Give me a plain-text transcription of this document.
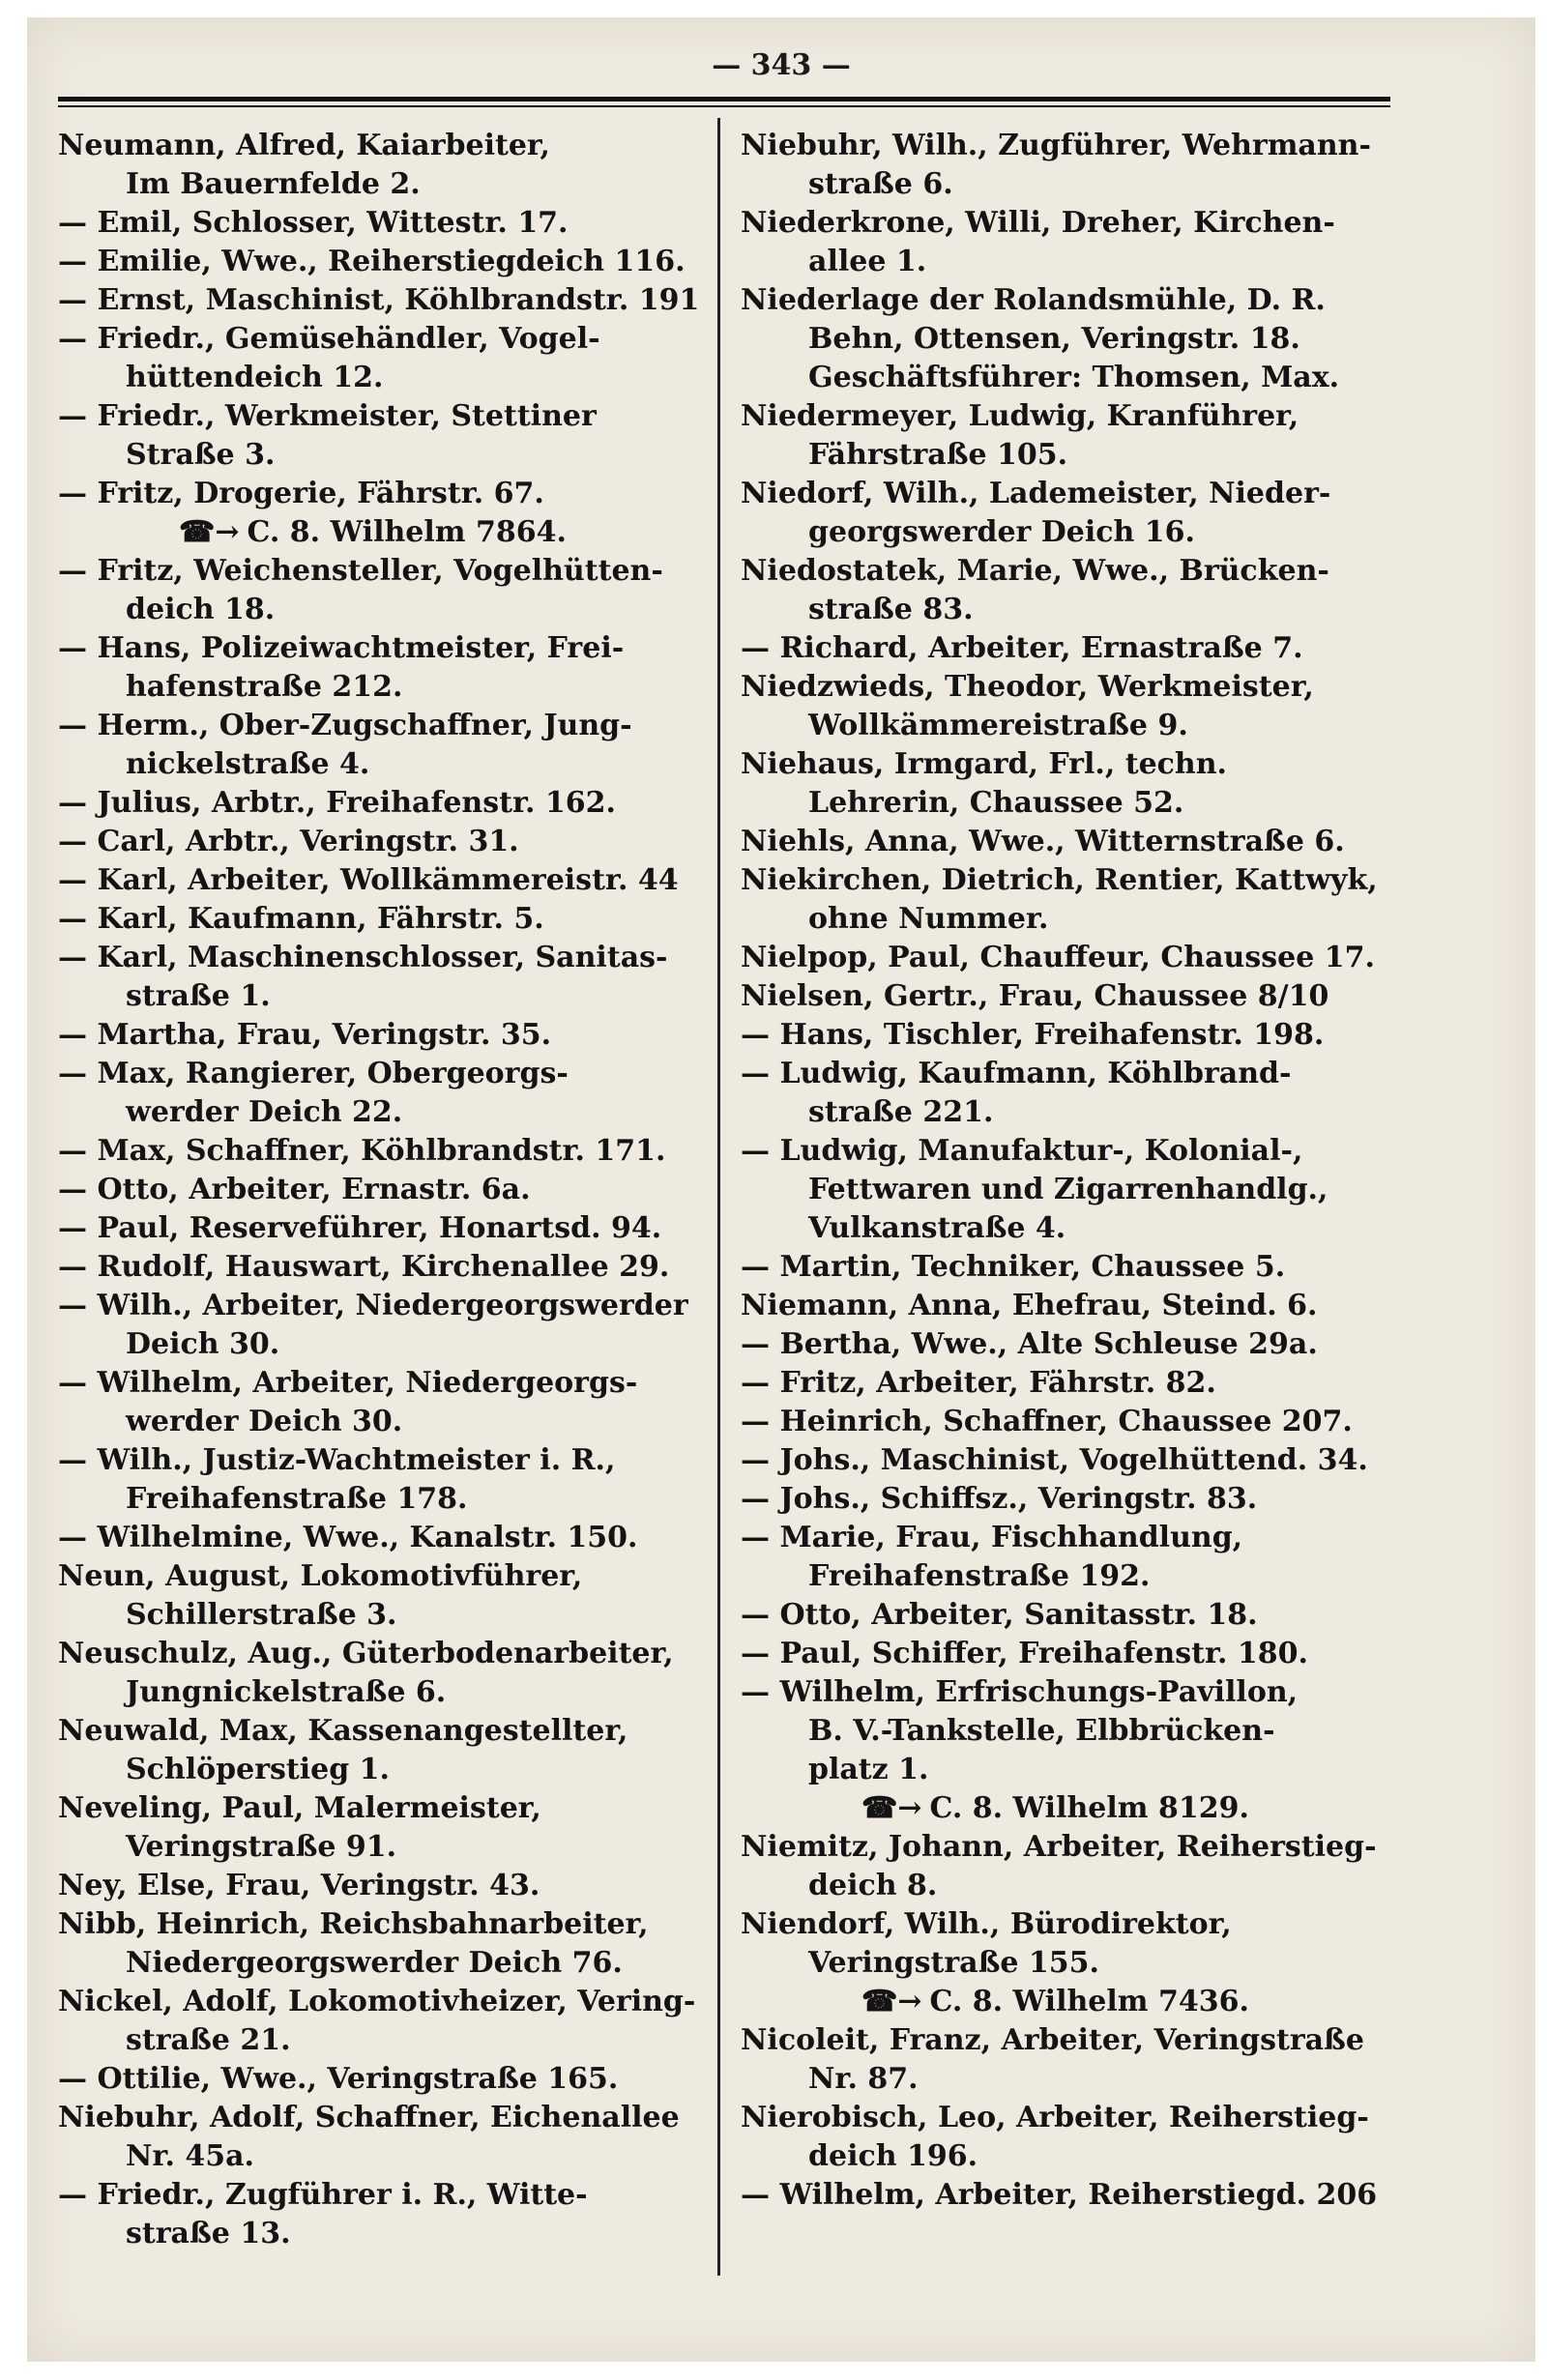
— 343 —
Neumann, Alfred, Kaiarbeiter,
Im Bauernfelde 2.
— Emil, Schlosser, Wittestr. 17.
— Emilie, Wwe., Reiherstiegdeich 116.
— Ernst, Maschinist, Köhlbrandstr. 191
— Friedr., Gemüsehändler, Vogel-
hüttendeich 12.
— Friedr., Werkmeister, Stettiner
Straße 3.
— Fritz, Drogerie, Fährstr. 67.
☎→ C. 8. Wilhelm 7864.
— Fritz, Weichensteller, Vogelhütten-
deich 18.
— Hans, Polizeiwachtmeister, Frei-
hafenstraße 212.
— Herm., Ober-Zugschaffner, Jung-
nickelstraße 4.
— Julius, Arbtr., Freihafenstr. 162.
— Carl, Arbtr., Veringstr. 31.
— Karl, Arbeiter, Wollkämmereistr. 44
— Karl, Kaufmann, Fährstr. 5.
— Karl, Maschinenschlosser, Sanitas-
straße 1.
— Martha, Frau, Veringstr. 35.
— Max, Rangierer, Obergeorgs-
werder Deich 22.
— Max, Schaffner, Köhlbrandstr. 171.
— Otto, Arbeiter, Ernastr. 6a.
— Paul, Reserveführer, Honartsd. 94.
— Rudolf, Hauswart, Kirchenallee 29.
— Wilh., Arbeiter, Niedergeorgswerder
Deich 30.
— Wilhelm, Arbeiter, Niedergeorgs-
werder Deich 30.
— Wilh., Justiz-Wachtmeister i. R.,
Freihafenstraße 178.
— Wilhelmine, Wwe., Kanalstr. 150.
Neun, August, Lokomotivführer,
Schillerstraße 3.
Neuschulz, Aug., Güterbodenarbeiter,
Jungnickelstraße 6.
Neuwald, Max, Kassenangestellter,
Schlöperstieg 1.
Neveling, Paul, Malermeister,
Veringstraße 91.
Ney, Else, Frau, Veringstr. 43.
Nibb, Heinrich, Reichsbahnarbeiter,
Niedergeorgswerder Deich 76.
Nickel, Adolf, Lokomotivheizer, Vering-
straße 21.
— Ottilie, Wwe., Veringstraße 165.
Niebuhr, Adolf, Schaffner, Eichenallee
Nr. 45a.
— Friedr., Zugführer i. R., Witte-
straße 13.
Niebuhr, Wilh., Zugführer, Wehrmann-
straße 6.
Niederkrone, Willi, Dreher, Kirchen-
allee 1.
Niederlage der Rolandsmühle, D. R.
Behn, Ottensen, Veringstr. 18.
Geschäftsführer: Thomsen, Max.
Niedermeyer, Ludwig, Kranführer,
Fährstraße 105.
Niedorf, Wilh., Lademeister, Nieder-
georgswerder Deich 16.
Niedostatek, Marie, Wwe., Brücken-
straße 83.
— Richard, Arbeiter, Ernastraße 7.
Niedzwieds, Theodor, Werkmeister,
Wollkämmereistraße 9.
Niehaus, Irmgard, Frl., techn.
Lehrerin, Chaussee 52.
Niehls, Anna, Wwe., Witternstraße 6.
Niekirchen, Dietrich, Rentier, Kattwyk,
ohne Nummer.
Nielpop, Paul, Chauffeur, Chaussee 17.
Nielsen, Gertr., Frau, Chaussee 8/10
— Hans, Tischler, Freihafenstr. 198.
— Ludwig, Kaufmann, Köhlbrand-
straße 221.
— Ludwig, Manufaktur-, Kolonial-,
Fettwaren und Zigarrenhandlg.,
Vulkanstraße 4.
— Martin, Techniker, Chaussee 5.
Niemann, Anna, Ehefrau, Steind. 6.
— Bertha, Wwe., Alte Schleuse 29a.
— Fritz, Arbeiter, Fährstr. 82.
— Heinrich, Schaffner, Chaussee 207.
— Johs., Maschinist, Vogelhüttend. 34.
— Johs., Schiffsz., Veringstr. 83.
— Marie, Frau, Fischhandlung,
Freihafenstraße 192.
— Otto, Arbeiter, Sanitasstr. 18.
— Paul, Schiffer, Freihafenstr. 180.
— Wilhelm, Erfrischungs-Pavillon,
B. V.-Tankstelle, Elbbrücken-
platz 1.
☎→ C. 8. Wilhelm 8129.
Niemitz, Johann, Arbeiter, Reiherstieg-
deich 8.
Niendorf, Wilh., Bürodirektor,
Veringstraße 155.
☎→ C. 8. Wilhelm 7436.
Nicoleit, Franz, Arbeiter, Veringstraße
Nr. 87.
Nierobisch, Leo, Arbeiter, Reiherstieg-
deich 196.
— Wilhelm, Arbeiter, Reiherstiegd. 206
